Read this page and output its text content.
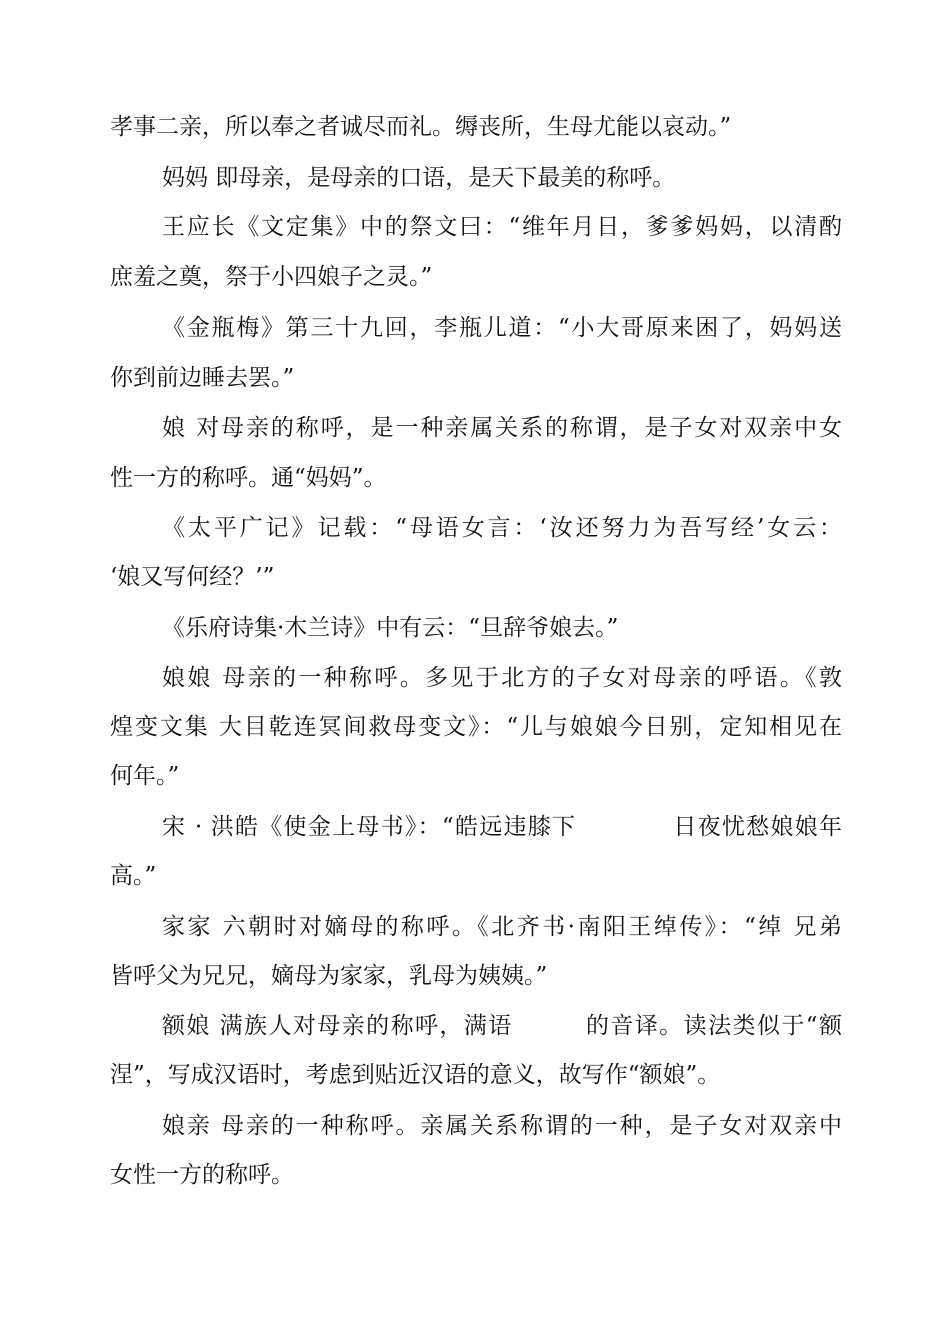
孝事二亲，所以奉之者诚尽而礼。缛丧所，生母尤能以哀动。”
妈妈 即母亲，是母亲的口语，是天下最美的称呼。
王应长《文定集》中的祭文曰：“维年月日，爹爹妈妈，以清酌
庶羞之奠，祭于小四娘子之灵。”
《金瓶梅》第三十九回，李瓶儿道：“小大哥原来困了，妈妈送
你到前边睡去罢。”
娘 对母亲的称呼，是一种亲属关系的称谓，是子女对双亲中女
性一方的称呼。通“妈妈”。
《太平广记》记载：“母语女言：‘汝还努力为吾写经’女云：
‘娘又写何经？’”
《乐府诗集·木兰诗》中有云：“旦辞爷娘去。”
娘娘 母亲的一种称呼。多见于北方的子女对母亲的呼语。《敦
煌变文集 大目乾连冥间救母变文》：“儿与娘娘今日别，定知相见在
何年。”
宋 · 洪皓《使金上母书》：“皓远违膝下　　　　日夜忧愁娘娘年
高。”
家家 六朝时对嫡母的称呼。《北齐书·南阳王绰传》：“绰 兄弟
皆呼父为兄兄，嫡母为家家，乳母为姨姨。”
额娘 满族人对母亲的称呼，满语　　　的音译。读法类似于“额
涅”，写成汉语时，考虑到贴近汉语的意义，故写作“额娘”。
娘亲 母亲的一种称呼。亲属关系称谓的一种，是子女对双亲中
女性一方的称呼。
